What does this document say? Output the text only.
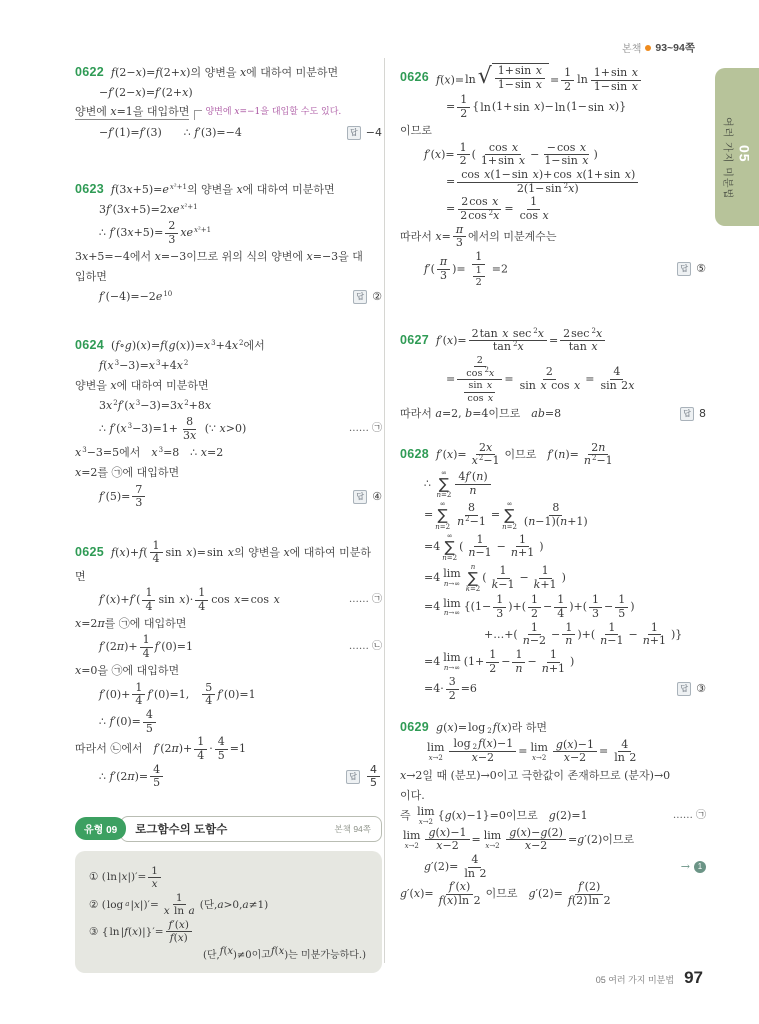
본책 93~94쪽
05
여러 가지 미분법
0622 f(2−x)=f(2+x)의 양변을 x에 대하여 미분하면
−f′(2−x)=f′(2+x)
양변에 x=1을 대입하면 양변에 x=−1을 대입할 수도 있다.
−f′(1)=f′(3)  ∴ f′(3)=−4	답 −4
0623 $f(3x+5)=e^{x^2+1}$의 양변을 x에 대하여 미분하면
$3f'(3x+5)=2xe^{x^2+1}$
∴ $f'(3x+5)= \frac{2}{3} xe^{x^2+1}$
3x+5=−4에서 x=−3이므로 위의 식의 양변에 x=−3을 대
입하면
$f'(-4)=-2e^{10}$	답 ②
0624 $(f\circ g)(x)=f(g(x))=x^3+4x^2$에서
$f(x^3-3)=x^3+4x^2$
양변을 x에 대하여 미분하면
$3x^2f'(x^3-3)=3x^2+8x$
∴ $f'(x^3-3)=1+ \frac{8}{3x}$ (∵ x>0)	…… ㉠
$x^3-3=5$에서 $x^3=8$ ∴ x=2
x=2를 ㉠에 대입하면
$f'(5)= \frac{7}{3}$	답 ④
0625 $f(x)+f( \frac{1}{4}$ sin x)=sin x의 양변을 x에 대하여 미분하
면
$f'(x)+f'( \frac{1}{4}$ $\sin x)\cdot \frac{1}{4}$ cos x=cos x	…… ㉠
x=2π를 ㉠에 대입하면
$f'(2\pi)+ \frac{1}{4} f'(0)=1$	…… ㉡
x=0을 ㉠에 대입하면
$f'(0)+ \frac{1}{4} f'(0)=1$,  $\frac{5}{4} f'(0)=1$
∴ $f'(0)= \frac{4}{5}$
따라서 ㉡에서 $f'(2\pi)+ \frac{1}{4} \cdot \frac{4}{5} =1$
∴ $f'(2\pi)= \frac{4}{5}$	답 $\frac{4}{5}$
유형 09	로그함수의 도함수	본책 94쪽
① ( ln | x |)′=
1
x
② ( log a | x |)′=
1
x ln a (단, a >0, a ≠1)
③ { ln | f ( x )|}′=
f′(x)
f(x)
(단, f ( x )≠0이고 f ( x )는 미분가능하다.)
0626 f(x)=ln √ $\frac{\text{1+sin x}}{\text{1−sin x}} = \frac{1}{2}$ $\ln \frac{\text{1+sin x}}{\text{1−sin x}}$
= $\frac{1}{2} \{\ln(1+\sin$ x)−ln(1−sin x)}
이므로
$f'(x)= \frac{1}{2}$ ( $\frac{\text{cos x}}{\text{1+sin x}} - \frac{\text{−cos x}}{\text{1−sin x}}$ )
= $\frac{\text{cos x(1−sin x)+cos x(1+sin x)}}{2(1-\sin ^2x)}$
= $\frac{\text{2cos x}}{2\cos ^2x} = \frac{1}{\text{cos x}}$
따라서 $x= \frac{\pi}{3}$ 에서의 미분계수는
$f'( \frac{\pi}{3}$ )= $\frac{1}{\frac{1}{2}} =2$	답 ⑤
0627 f′(x)=
2tan x sec $^2$x
tan $^2$x =
2sec $^2$x
tan x
= $\frac{\frac{2}{\cos ^2x}}{\frac{\text{sin x}}{\text{cos x}}} = \frac{2}{\text{sin x cos x}} = \frac{4}{\sin 2x}$
따라서 a=2, b=4이므로 ab=8	답 8
0628 $f'(x)= \frac{2x}{x^2-1}$ 이므로 $f'(n)= \frac{2n}{n^2-1}$
∴
∞
∑
$n=2 \frac{4f'(n)}{n}$
=
∞
∑
$n=2 \frac{8}{n^2-1}$ =
∞
∑
$n=2 \frac{8}{(n-1)(n+1)}$
=4
∞
∑
n=2
( $\frac{1}{n-1} - \frac{1}{n+1}$ )
=4 lim
n→∞
n
∑
k=2
( $\frac{1}{k-1} - \frac{1}{k+1}$ )
=4 lim
n→∞ {($1- \frac{1}{3}$ )+( $\frac{1}{2} - \frac{1}{4}$ )+( $\frac{1}{3} - \frac{1}{5}$ )
+…+( $\frac{1}{n-2} - \frac{1}{n}$ )+( $\frac{1}{n-1} - \frac{1}{n+1}$ )}
=4 lim
n→∞ ($1+ \frac{1}{2} - \frac{1}{n} - \frac{1}{n+1}$ )
$=4\cdot \frac{3}{2} =6$	답 ③
0629 g(x)=log 2f(x)라 하면
lim
$x\to 2 \frac{\log 2f(x)-1}{x-2} = \lim$
$x\to 2 \frac{g(x)-1}{x-2} = \frac{4}{\ln 2}$
x→2일 때 (분모)→0이고 극한값이 존재하므로 (분자)→0
이다.
즉 lim
x→2 {g(x)−1}=0이므로 g(2)=1	…… ㉠
lim
$x\to 2 \frac{g(x)-1}{x-2} = \lim$
$x\to 2 \frac{g(x)-g(2)}{x-2} =g'(2)$이므로
$g'(2)= \frac{4}{\ln 2}$	→ 1
$g'(x)= \frac{f'(x)}{f(x)\ln 2}$ 이므로 $g'(2)= \frac{f'(2)}{f(2)\ln 2}$
05 여러 가지 미분법 97
